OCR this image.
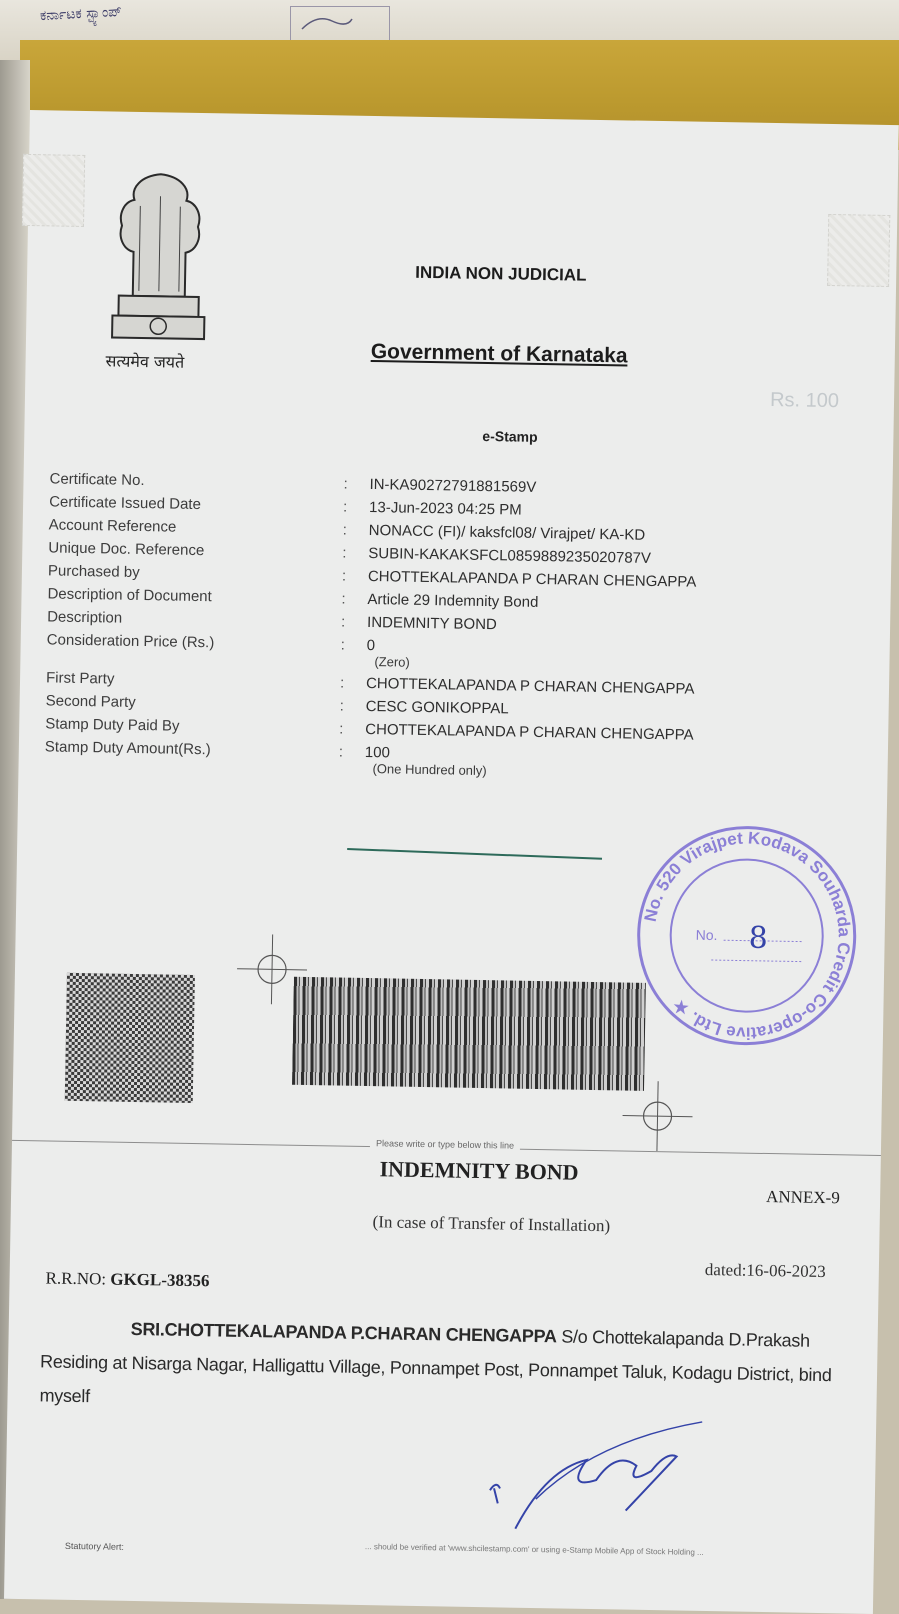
ಕರ್ನಾಟಕ ಸ್ಟ್ಯಾಂಪ್
सत्यमेव जयते
INDIA NON JUDICIAL
Government of Karnataka
Rs. 100
e-Stamp
Certificate No.	:	IN-KA90272791881569V
Certificate Issued Date	:	13-Jun-2023 04:25 PM
Account Reference	:	NONACC (FI)/ kaksfcl08/ Virajpet/ KA-KD
Unique Doc. Reference	:	SUBIN-KAKAKSFCL0859889235020787V
Purchased by	:	CHOTTEKALAPANDA P CHARAN CHENGAPPA
Description of Document	:	Article 29 Indemnity Bond
Description	:	INDEMNITY BOND
Consideration Price (Rs.)	:	0
(Zero)
First Party	:	CHOTTEKALAPANDA P CHARAN CHENGAPPA
Second Party	:	CESC GONIKOPPAL
Stamp Duty Paid By	:	CHOTTEKALAPANDA P CHARAN CHENGAPPA
Stamp Duty Amount(Rs.)	:	100
(One Hundred only)
No. 520 Virajpet Kodava Souharda Credit Co-operative Ltd. ★
No. 8
Please write or type below this line
INDEMNITY BOND
ANNEX-9
(In case of Transfer of Installation)
dated:16-06-2023
R.R.NO: GKGL-38356
SRI.CHOTTEKALAPANDA P.CHARAN CHENGAPPA S/o Chottekalapanda D.Prakash Residing at Nisarga Nagar, Halligattu Village, Ponnampet Post, Ponnampet Taluk, Kodagu District, bind myself
Statutory Alert:	... should be verified at 'www.shcilestamp.com' or using e-Stamp Mobile App of Stock Holding ...
